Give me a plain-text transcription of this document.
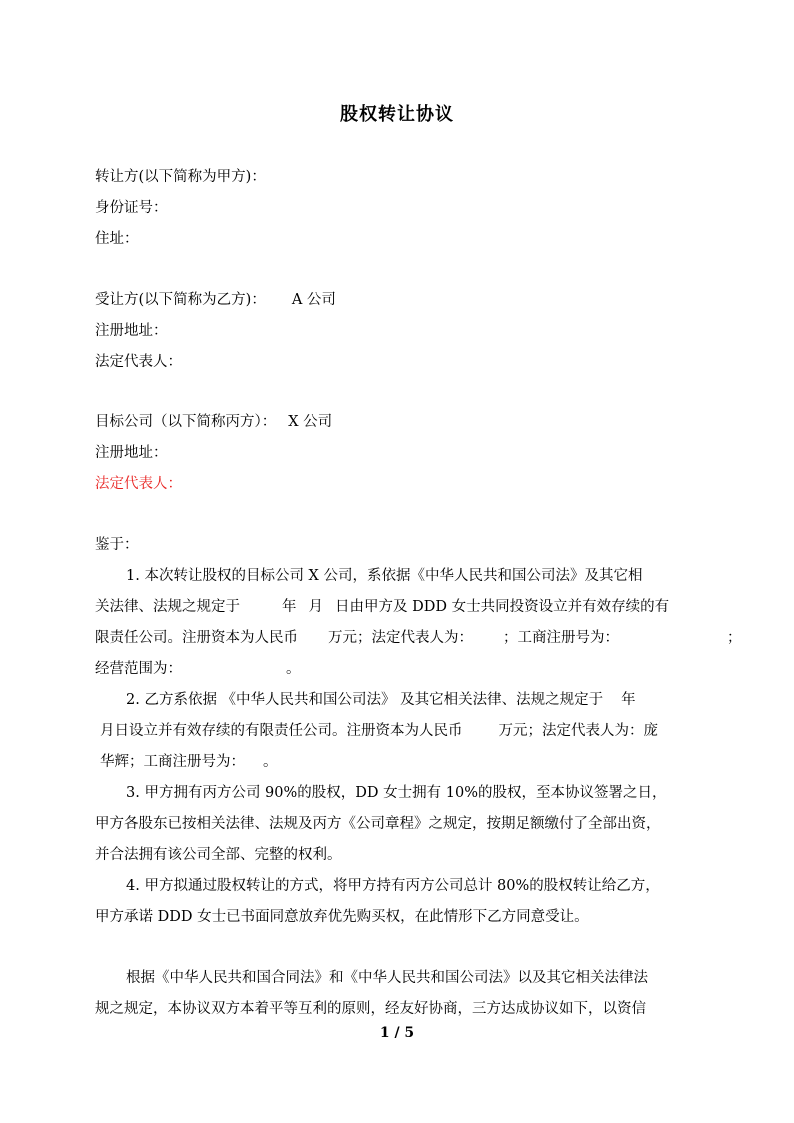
股权转让协议
转让方(以下简称为甲方)：
身份证号：
住址：
受让方(以下简称为乙方)： A 公司
注册地址：
法定代表人：
目标公司（以下简称丙方）： X 公司
注册地址：
法定代表人：
鉴于：
1. 本次转让股权的目标公司 X 公司，系依据《中华人民共和国公司法》及其它相
关法律、法规之规定于	年 月 日由甲方及 DDD 女士共同投资设立并有效存续的有
限责任公司。注册资本为人民币 万元；法定代表人为： ；工商注册号为：	；
经营范围为：	。
2. 乙方系依据 《中华人民共和国公司法》 及其它相关法律、法规之规定于 年
月日设立并有效存续的有限责任公司。注册资本为人民币 万元；法定代表人为：庞
华辉；工商注册号为： 。
3. 甲方拥有丙方公司 90%的股权，DD 女士拥有 10%的股权，至本协议签署之日，
甲方各股东已按相关法律、法规及丙方《公司章程》之规定，按期足额缴付了全部出资，
并合法拥有该公司全部、完整的权利。
4. 甲方拟通过股权转让的方式，将甲方持有丙方公司总计 80%的股权转让给乙方，
甲方承诺 DDD 女士已书面同意放弃优先购买权，在此情形下乙方同意受让。
根据《中华人民共和国合同法》和《中华人民共和国公司法》以及其它相关法律法
规之规定，本协议双方本着平等互利的原则，经友好协商，三方达成协议如下，以资信
1 / 5
